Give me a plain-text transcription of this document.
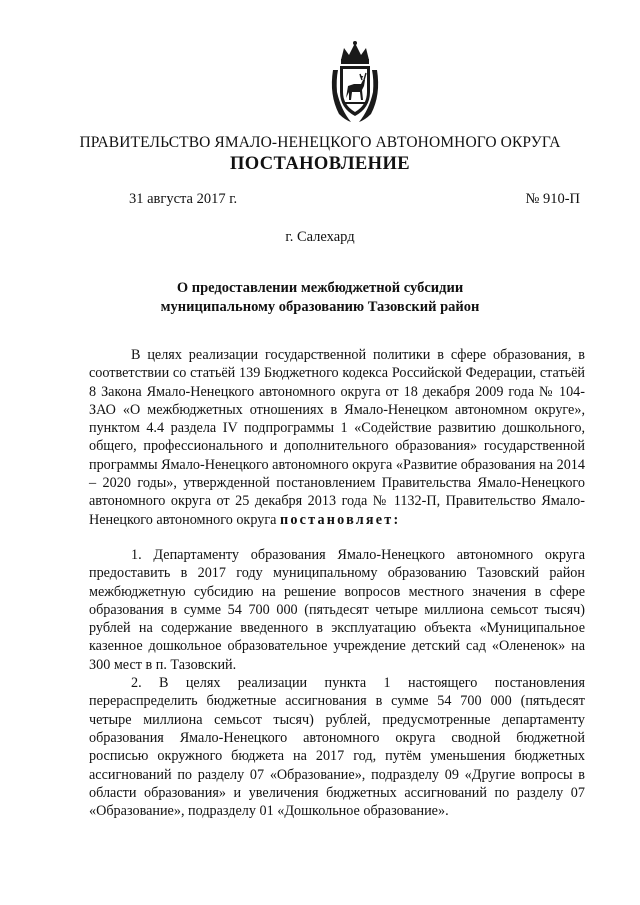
ПРАВИТЕЛЬСТВО ЯМАЛО-НЕНЕЦКОГО АВТОНОМНОГО ОКРУГА
ПОСТАНОВЛЕНИЕ
31 августа 2017 г.	№ 910-П
г. Салехард
О предоставлении межбюджетной субсидии
муниципальному образованию Тазовский район

В целях реализации государственной политики в сфере образования, в соответствии со статьёй 139 Бюджетного кодекса Российской Федерации, статьёй 8 Закона Ямало-Ненецкого автономного округа от 18 декабря 2009 года № 104-ЗАО «О межбюджетных отношениях в Ямало-Ненецком автономном округе», пунктом 4.4 раздела IV подпрограммы 1 «Содействие развитию дошкольного, общего, профессионального и дополнительного образования» государственной программы Ямало-Ненецкого автономного округа «Развитие образования на 2014 – 2020 годы», утвержденной постановлением Правительства Ямало-Ненецкого автономного округа от 25 декабря 2013 года № 1132-П, Правительство Ямало-Ненецкого автономного округа постановляет:

1. Департаменту образования Ямало-Ненецкого автономного округа предоставить в 2017 году муниципальному образованию Тазовский район межбюджетную субсидию на решение вопросов местного значения в сфере образования в сумме 54 700 000 (пятьдесят четыре миллиона семьсот тысяч) рублей на содержание введенного в эксплуатацию объекта «Муниципальное казенное дошкольное образовательное учреждение детский сад «Олененок» на 300 мест в п. Тазовский.

2. В целях реализации пункта 1 настоящего постановления перераспределить бюджетные ассигнования в сумме 54 700 000 (пятьдесят четыре миллиона семьсот тысяч) рублей, предусмотренные департаменту образования Ямало-Ненецкого автономного округа сводной бюджетной росписью окружного бюджета на 2017 год, путём уменьшения бюджетных ассигнований по разделу 07 «Образование», подразделу 09 «Другие вопросы в области образования» и увеличения бюджетных ассигнований по разделу 07 «Образование», подразделу 01 «Дошкольное образование».
